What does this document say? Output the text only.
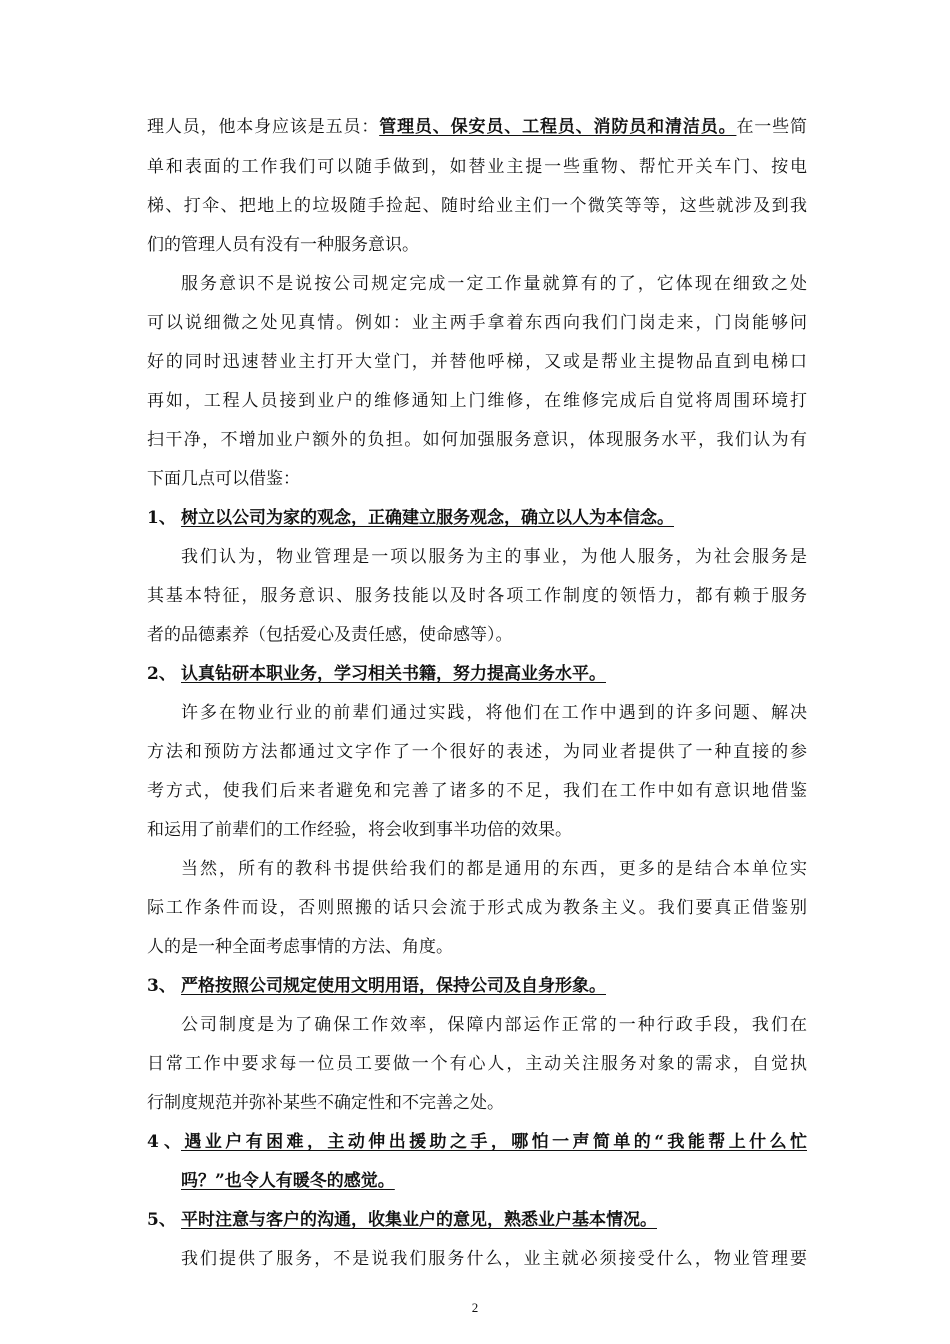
理人员，他本身应该是五员：管理员、保安员、工程员、消防员和清洁员。在一些简
单和表面的工作我们可以随手做到，如替业主提一些重物、帮忙开关车门、按电
梯、打伞、把地上的垃圾随手捡起、随时给业主们一个微笑等等，这些就涉及到我
们的管理人员有没有一种服务意识。
服务意识不是说按公司规定完成一定工作量就算有的了，它体现在细致之处
可以说细微之处见真情。例如：业主两手拿着东西向我们门岗走来，门岗能够问
好的同时迅速替业主打开大堂门，并替他呼梯，又或是帮业主提物品直到电梯口
再如，工程人员接到业户的维修通知上门维修，在维修完成后自觉将周围环境打
扫干净，不增加业户额外的负担。如何加强服务意识，体现服务水平，我们认为有
下面几点可以借鉴：
1、 树立以公司为家的观念，正确建立服务观念，确立以人为本信念。
我们认为，物业管理是一项以服务为主的事业，为他人服务，为社会服务是
其基本特征，服务意识、服务技能以及时各项工作制度的领悟力，都有赖于服务
者的品德素养（包括爱心及责任感，使命感等）。
2、 认真钻研本职业务，学习相关书籍，努力提高业务水平。
许多在物业行业的前辈们通过实践，将他们在工作中遇到的许多问题、解决
方法和预防方法都通过文字作了一个很好的表述，为同业者提供了一种直接的参
考方式，使我们后来者避免和完善了诸多的不足，我们在工作中如有意识地借鉴
和运用了前辈们的工作经验，将会收到事半功倍的效果。
当然，所有的教科书提供给我们的都是通用的东西，更多的是结合本单位实
际工作条件而设，否则照搬的话只会流于形式成为教条主义。我们要真正借鉴别
人的是一种全面考虑事情的方法、角度。
3、 严格按照公司规定使用文明用语，保持公司及自身形象。
公司制度是为了确保工作效率，保障内部运作正常的一种行政手段，我们在
日常工作中要求每一位员工要做一个有心人，主动关注服务对象的需求，自觉执
行制度规范并弥补某些不确定性和不完善之处。
4、遇业户有困难，主动伸出援助之手，哪怕一声简单的“我能帮上什么忙
吗？”也令人有暖冬的感觉。
5、 平时注意与客户的沟通，收集业户的意见，熟悉业户基本情况。
我们提供了服务，不是说我们服务什么，业主就必须接受什么，物业管理要
2
